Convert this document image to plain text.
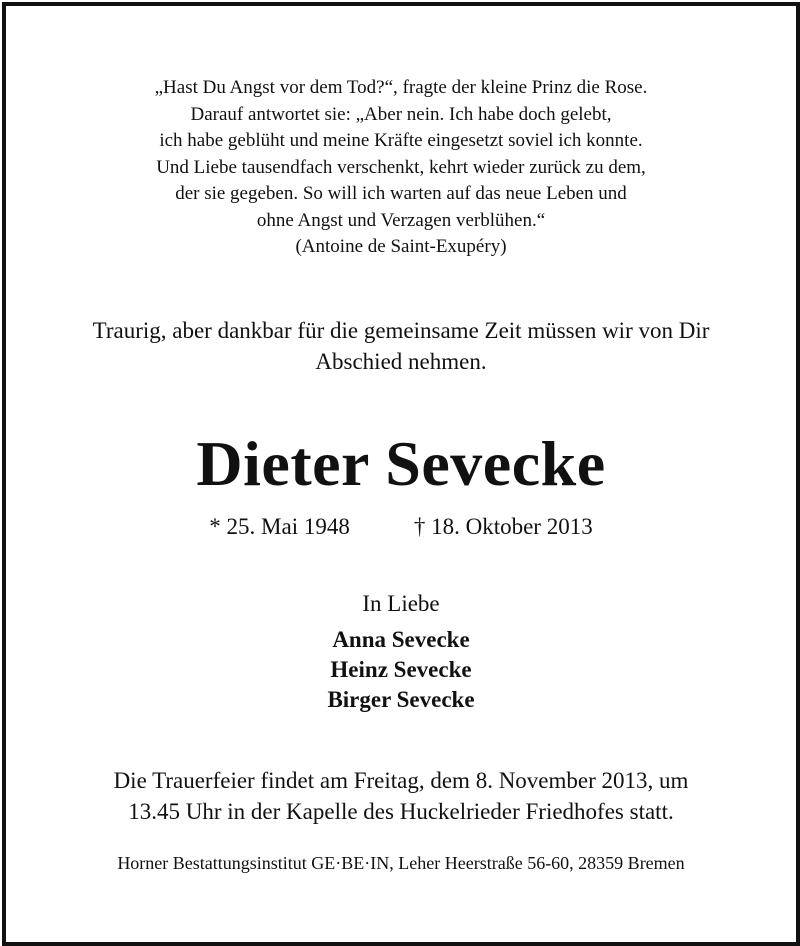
„Hast Du Angst vor dem Tod?“, fragte der kleine Prinz die Rose.
Darauf antwortet sie: „Aber nein. Ich habe doch gelebt,
ich habe geblüht und meine Kräfte eingesetzt soviel ich konnte.
Und Liebe tausendfach verschenkt, kehrt wieder zurück zu dem,
der sie gegeben. So will ich warten auf das neue Leben und
ohne Angst und Verzagen verblühen.“
(Antoine de Saint-Exupéry)
Traurig, aber dankbar für die gemeinsame Zeit müssen wir von Dir
Abschied nehmen.
Dieter Sevecke
* 25. Mai 1948	† 18. Oktober 2013
In Liebe
Anna Sevecke
Heinz Sevecke
Birger Sevecke
Die Trauerfeier findet am Freitag, dem 8. November 2013, um
13.45 Uhr in der Kapelle des Huckelrieder Friedhofes statt.
Horner Bestattungsinstitut GE·BE·IN, Leher Heerstraße 56-60, 28359 Bremen
